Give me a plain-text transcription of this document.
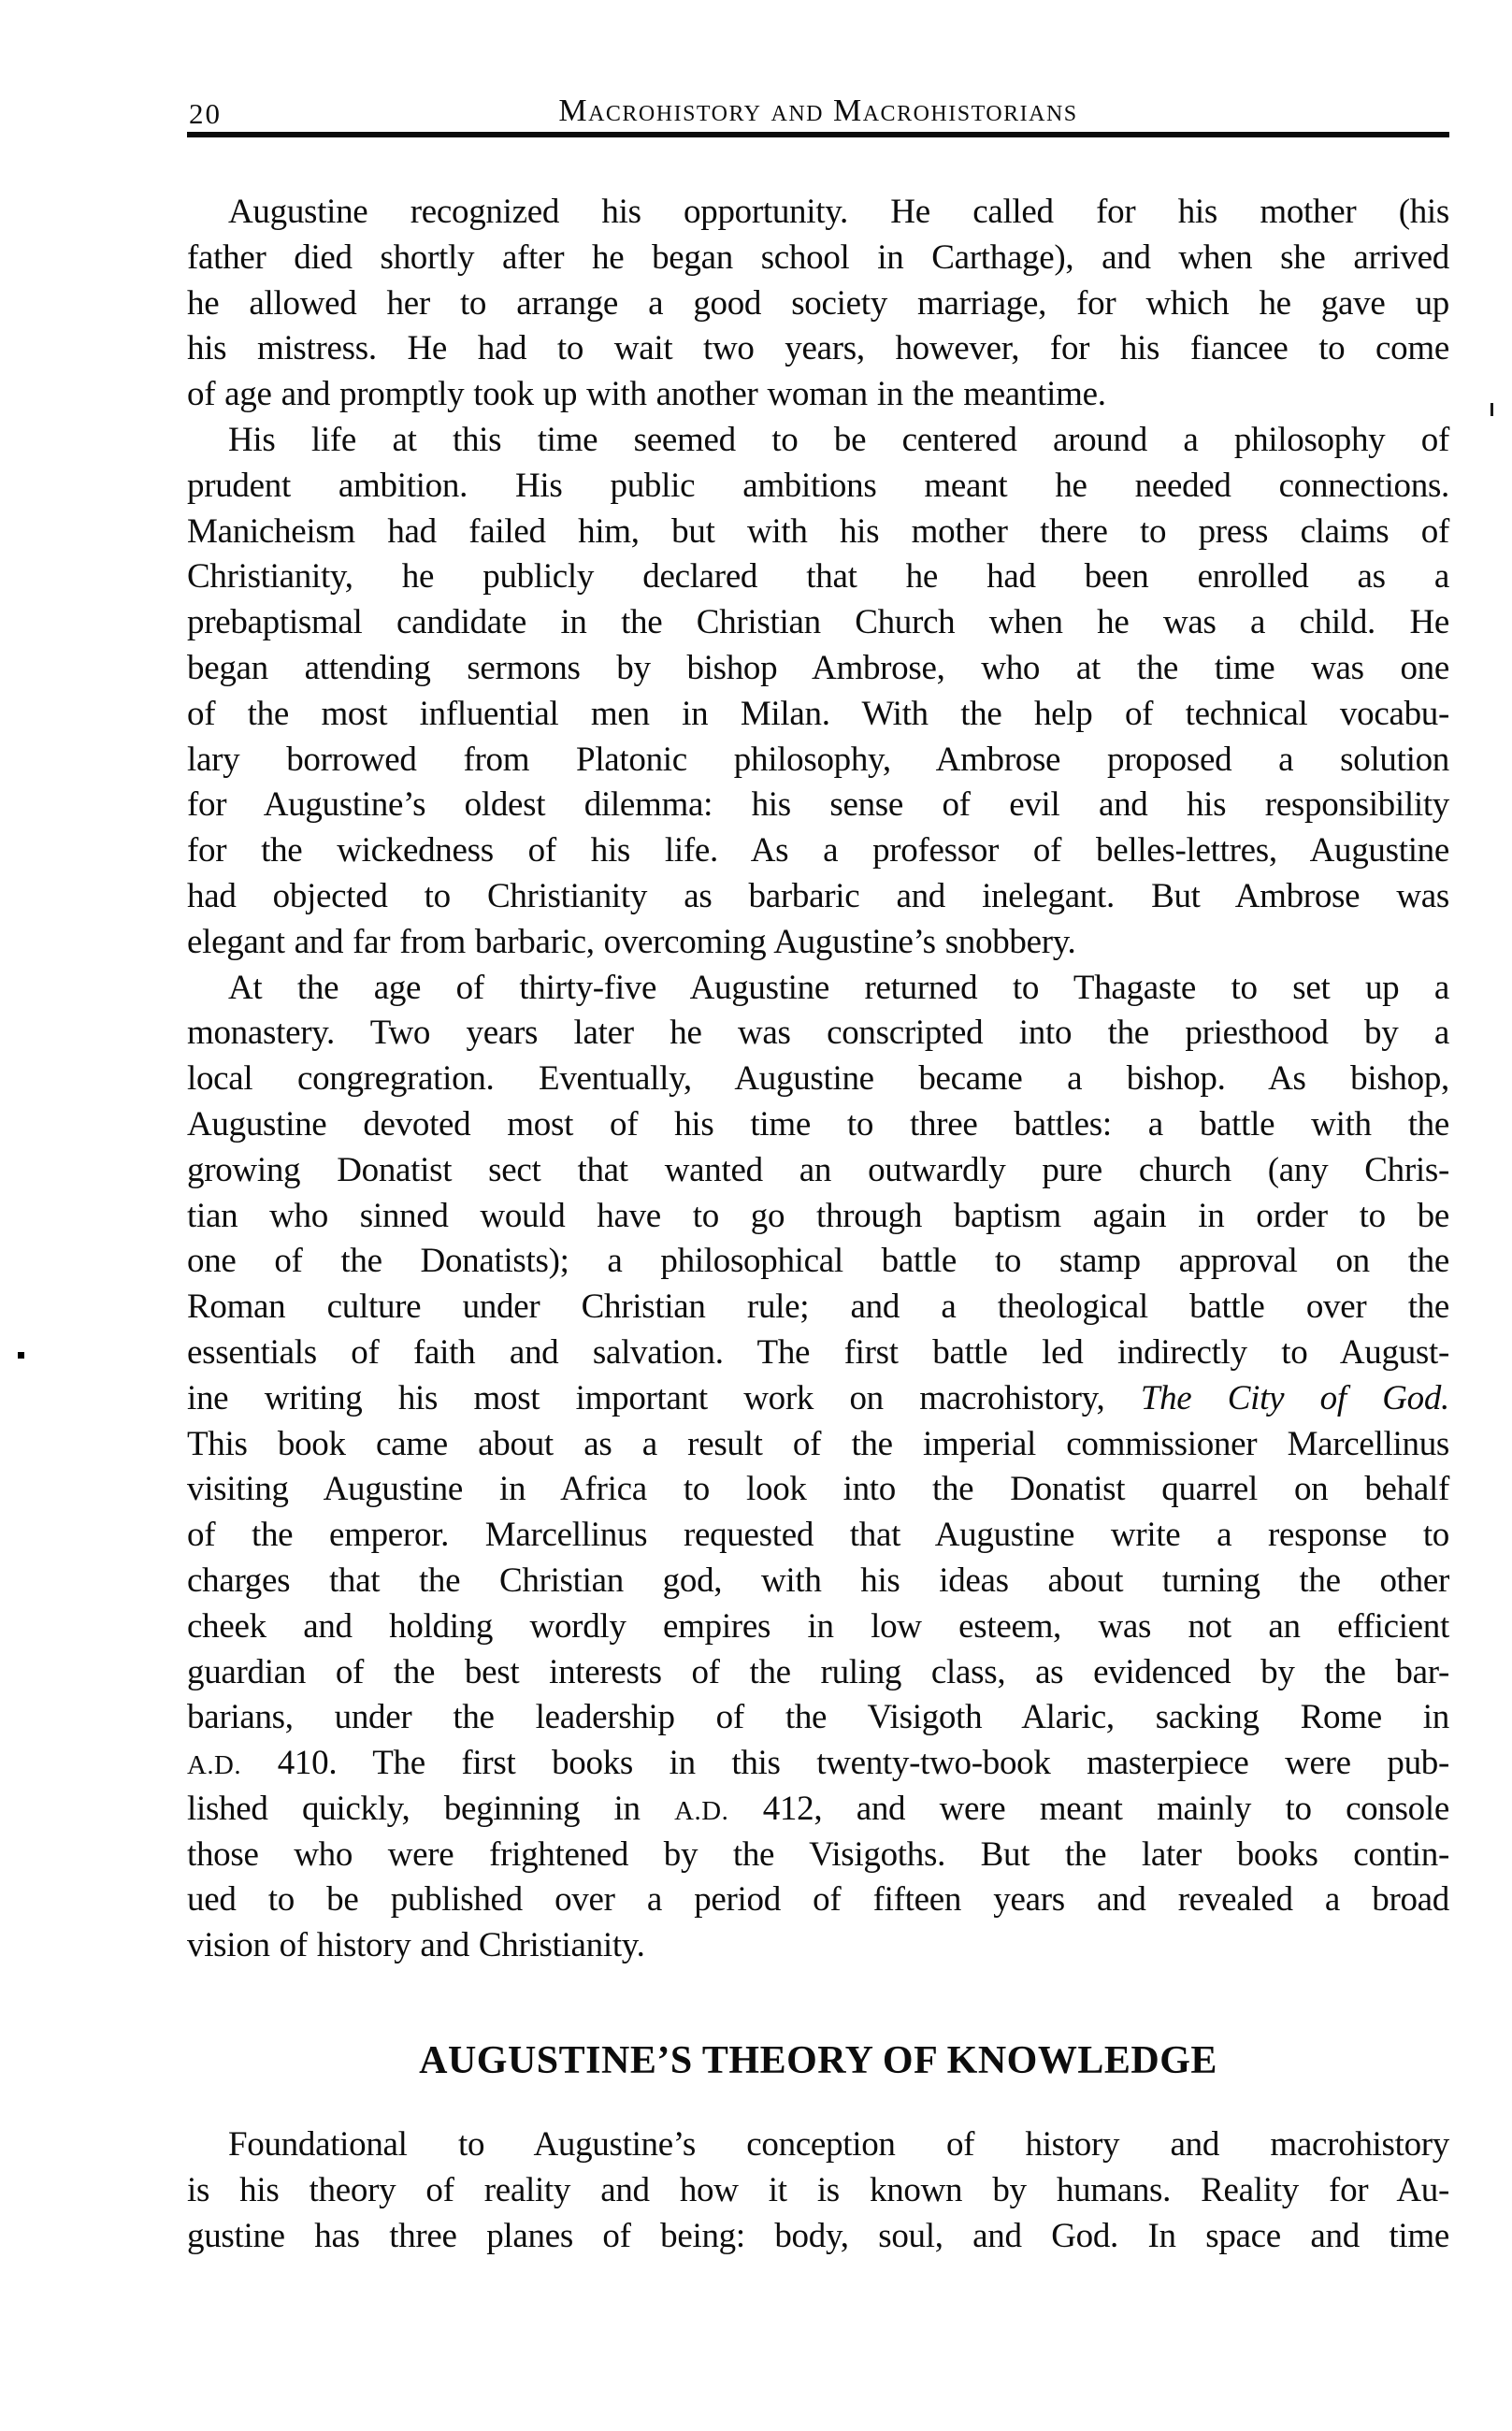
20	Macrohistory and Macrohistorians
Augustine recognized his opportunity. He called for his mother (his
father died shortly after he began school in Carthage), and when she arrived
he allowed her to arrange a good society marriage, for which he gave up
his mistress. He had to wait two years, however, for his fiancee to come
of age and promptly took up with another woman in the meantime.
His life at this time seemed to be centered around a philosophy of
prudent ambition. His public ambitions meant he needed connections.
Manicheism had failed him, but with his mother there to press claims of
Christianity, he publicly declared that he had been enrolled as a
prebaptismal candidate in the Christian Church when he was a child. He
began attending sermons by bishop Ambrose, who at the time was one
of the most influential men in Milan. With the help of technical vocabu-
lary borrowed from Platonic philosophy, Ambrose proposed a solution
for Augustine’s oldest dilemma: his sense of evil and his responsibility
for the wickedness of his life. As a professor of belles-lettres, Augustine
had objected to Christianity as barbaric and inelegant. But Ambrose was
elegant and far from barbaric, overcoming Augustine’s snobbery.
At the age of thirty-five Augustine returned to Thagaste to set up a
monastery. Two years later he was conscripted into the priesthood by a
local congregration. Eventually, Augustine became a bishop. As bishop,
Augustine devoted most of his time to three battles: a battle with the
growing Donatist sect that wanted an outwardly pure church (any Chris-
tian who sinned would have to go through baptism again in order to be
one of the Donatists); a philosophical battle to stamp approval on the
Roman culture under Christian rule; and a theological battle over the
essentials of faith and salvation. The first battle led indirectly to August-
ine writing his most important work on macrohistory, The City of God.
This book came about as a result of the imperial commissioner Marcellinus
visiting Augustine in Africa to look into the Donatist quarrel on behalf
of the emperor. Marcellinus requested that Augustine write a response to
charges that the Christian god, with his ideas about turning the other
cheek and holding wordly empires in low esteem, was not an efficient
guardian of the best interests of the ruling class, as evidenced by the bar-
barians, under the leadership of the Visigoth Alaric, sacking Rome in
A.D. 410. The first books in this twenty-two-book masterpiece were pub-
lished quickly, beginning in A.D. 412, and were meant mainly to console
those who were frightened by the Visigoths. But the later books contin-
ued to be published over a period of fifteen years and revealed a broad
vision of history and Christianity.
AUGUSTINE’S THEORY OF KNOWLEDGE
Foundational to Augustine’s conception of history and macrohistory
is his theory of reality and how it is known by humans. Reality for Au-
gustine has three planes of being: body, soul, and God. In space and time
